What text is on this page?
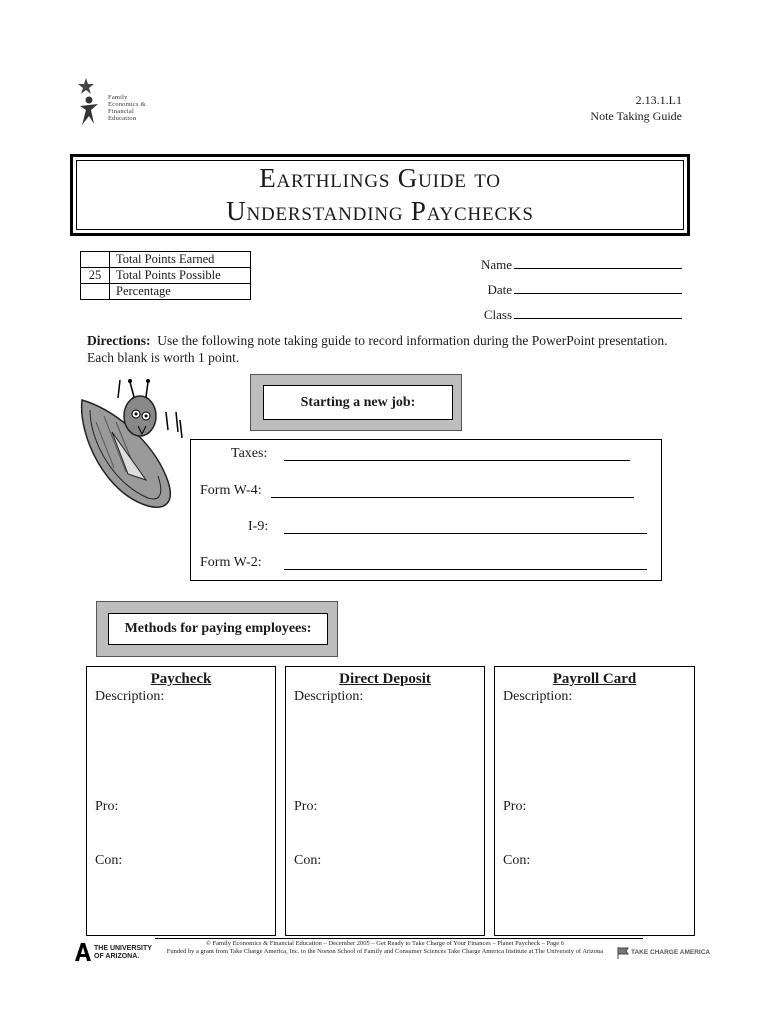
Family
Economics &
Financial
Education
2.13.1.L1
Note Taking Guide
Earthlings Guide to
Understanding Paychecks
	Total Points Earned
25	Total Points Possible
	Percentage
Name
Date
Class
Directions: Use the following note taking guide to record information during the PowerPoint presentation. Each blank is worth 1 point.
Starting a new job:
Taxes:
Form W-4:
I-9:
Form W-2:
Methods for paying employees:
Paycheck
Description:
Pro:
Con:
Direct Deposit
Description:
Pro:
Con:
Payroll Card
Description:
Pro:
Con:
THE UNIVERSITY OF ARIZONA.
© Family Economics & Financial Education – December 2005 – Get Ready to Take Charge of Your Finances – Planet Paycheck – Page 6
Funded by a grant from Take Charge America, Inc. to the Norton School of Family and Consumer Sciences Take Charge America Institute at The University of Arizona	TAKE CHARGE AMERICA
